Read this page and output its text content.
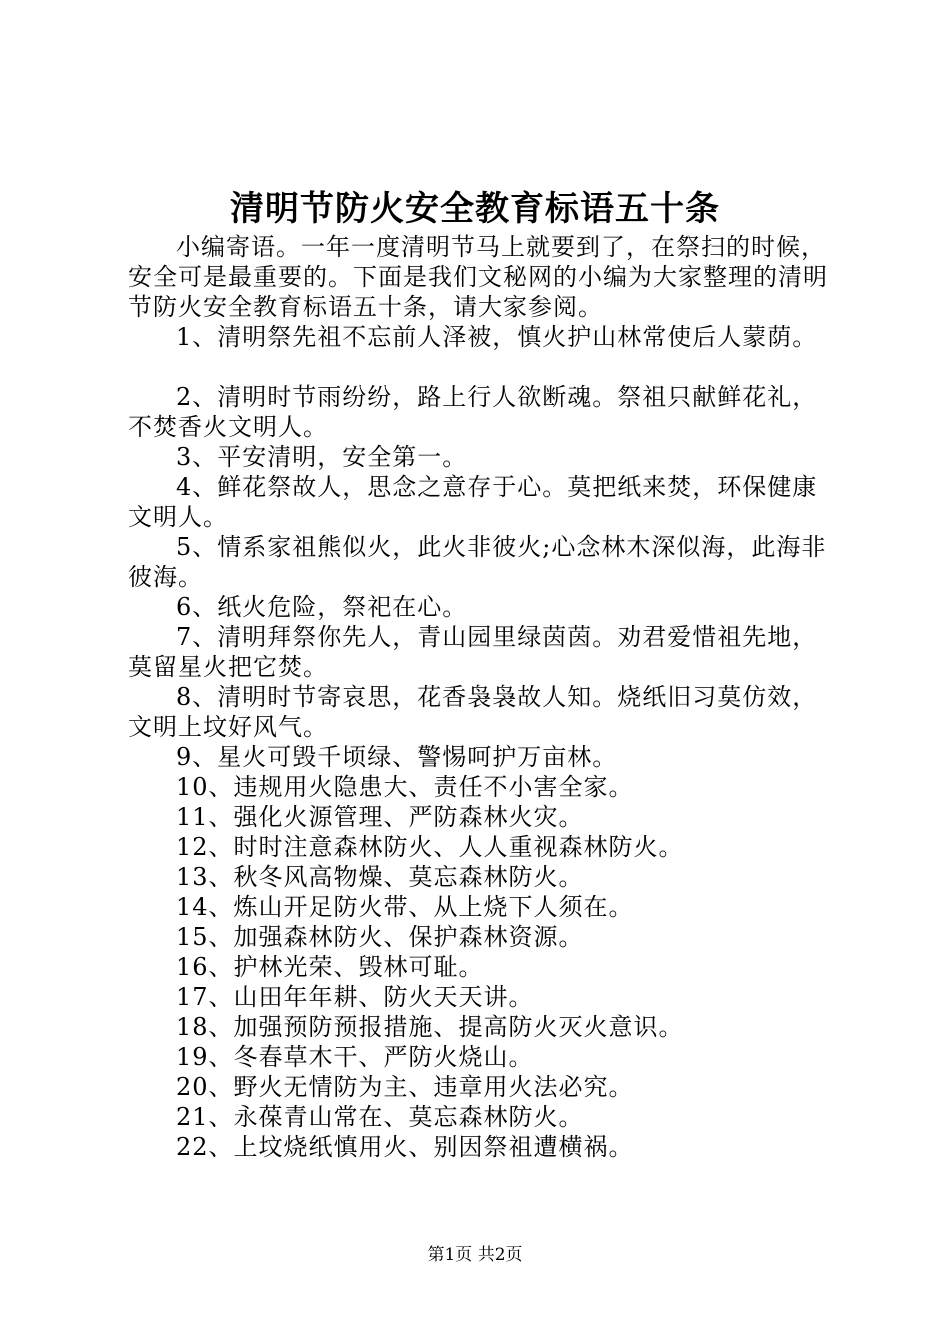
清明节防火安全教育标语五十条

小编寄语。一年一度清明节马上就要到了，在祭扫的时候，安全可是最重要的。下面是我们文秘网的小编为大家整理的清明节防火安全教育标语五十条，请大家参阅。

1、清明祭先祖不忘前人泽被，慎火护山林常使后人蒙荫。

2、清明时节雨纷纷，路上行人欲断魂。祭祖只献鲜花礼，不焚香火文明人。

3、平安清明，安全第一。

4、鲜花祭故人，思念之意存于心。莫把纸来焚，环保健康文明人。

5、情系家祖熊似火，此火非彼火;心念林木深似海，此海非彼海。

6、纸火危险，祭祀在心。

7、清明拜祭你先人，青山园里绿茵茵。劝君爱惜祖先地，莫留星火把它焚。

8、清明时节寄哀思，花香袅袅故人知。烧纸旧习莫仿效，文明上坟好风气。

9、星火可毁千顷绿、警惕呵护万亩林。

10、违规用火隐患大、责任不小害全家。

11、强化火源管理、严防森林火灾。

12、时时注意森林防火、人人重视森林防火。

13、秋冬风高物燥、莫忘森林防火。

14、炼山开足防火带、从上烧下人须在。

15、加强森林防火、保护森林资源。

16、护林光荣、毁林可耻。

17、山田年年耕、防火天天讲。

18、加强预防预报措施、提高防火灭火意识。

19、冬春草木干、严防火烧山。

20、野火无情防为主、违章用火法必究。

21、永葆青山常在、莫忘森林防火。

22、上坟烧纸慎用火、别因祭祖遭横祸。

第1页 共2页
